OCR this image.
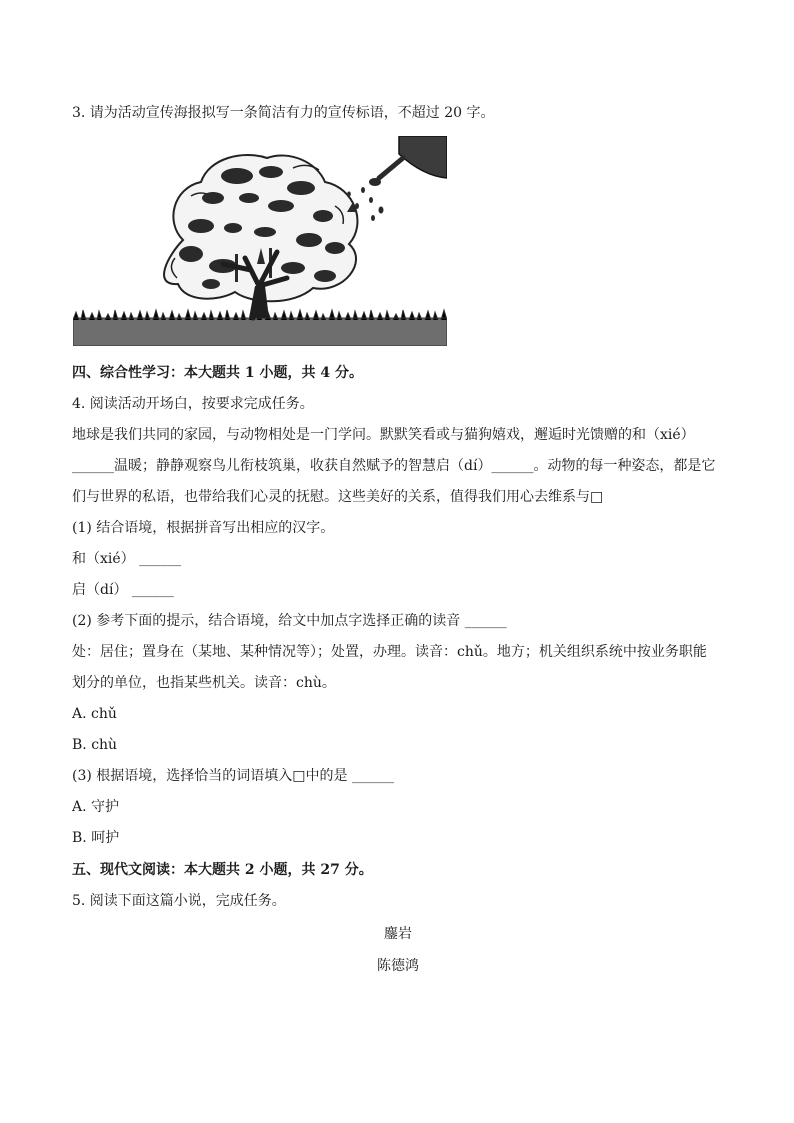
3. 请为活动宣传海报拟写一条简洁有力的宣传标语，不超过 20 字。
四、综合性学习：本大题共 1 小题，共 4 分。
4. 阅读活动开场白，按要求完成任务。
地球是我们共同的家园，与动物相处是一门学问。默默笑看或与猫狗嬉戏，邂逅时光馈赠的和（xié）
______温暖；静静观察鸟儿衔枝筑巢，收获自然赋予的智慧启（dí）______。动物的每一种姿态，都是它
们与世界的私语，也带给我们心灵的抚慰。这些美好的关系，值得我们用心去维系与□
(1) 结合语境，根据拼音写出相应的汉字。
和（xié） ______
启（dí） ______
(2) 参考下面的提示，结合语境，给文中加点字选择正确的读音 ______
处：居住；置身在（某地、某种情况等）；处置，办理。读音：chǔ。地方；机关组织系统中按业务职能
划分的单位，也指某些机关。读音：chù。
A. chǔ
B. chù
(3) 根据语境，选择恰当的词语填入□中的是 ______
A. 守护
B. 呵护
五、现代文阅读：本大题共 2 小题，共 27 分。
5. 阅读下面这篇小说，完成任务。
鏖岩
陈德鸿
